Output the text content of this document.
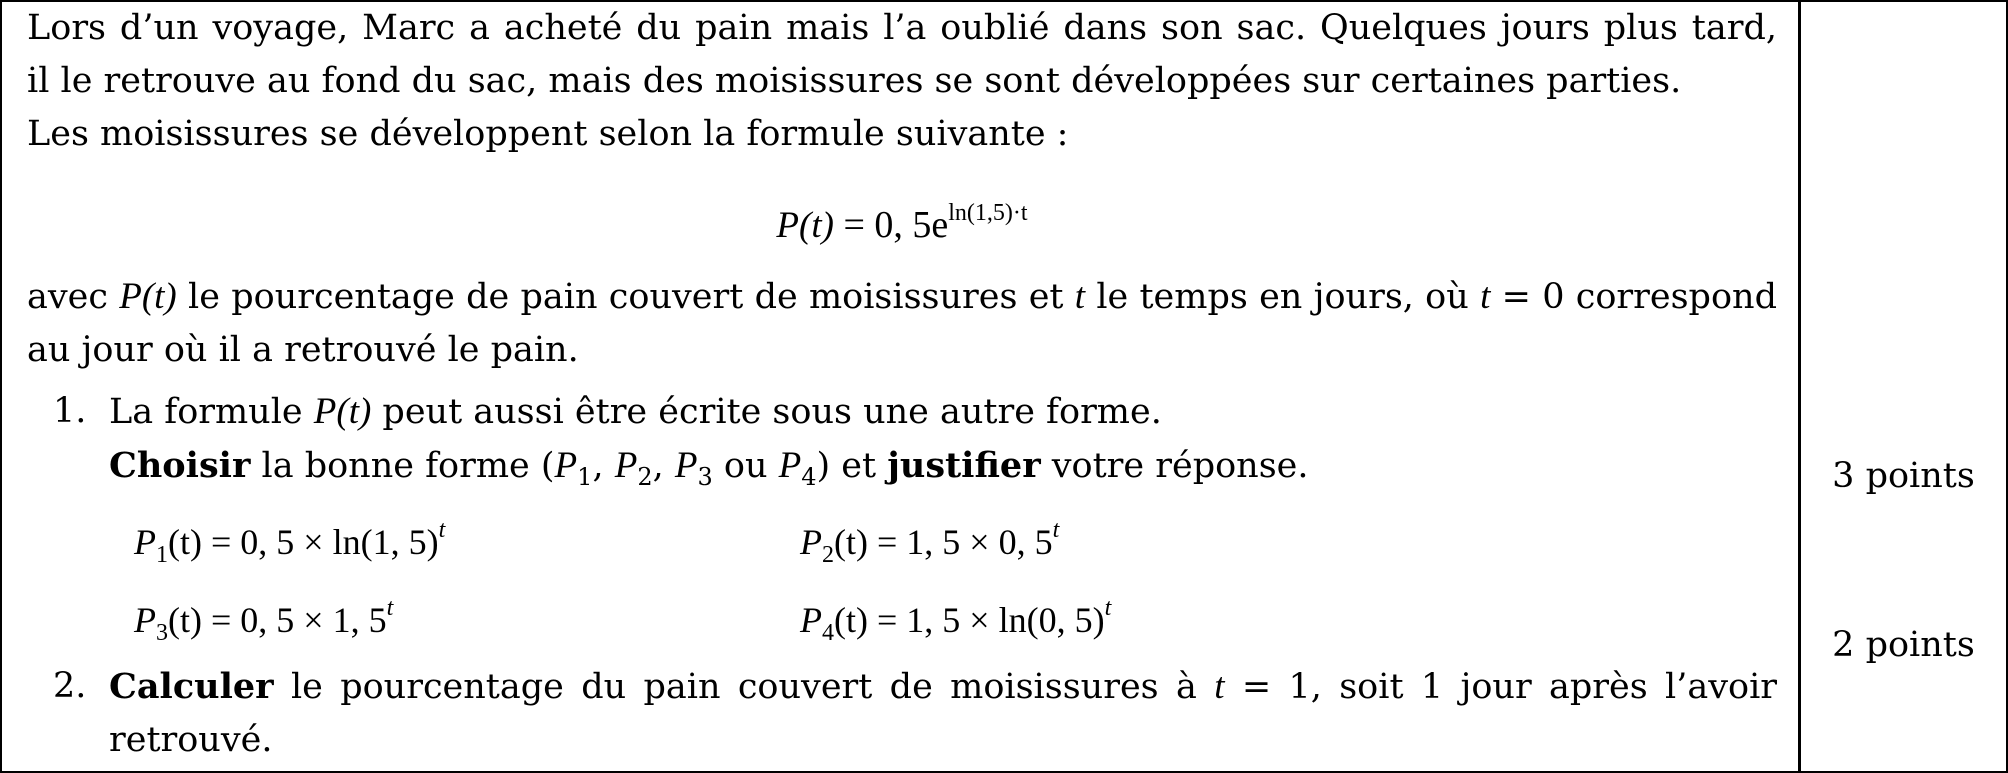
Lors d’un voyage, Marc a acheté du pain mais l’a oublié dans son sac. Quelques jours plus tard,
il le retrouve au fond du sac, mais des moisissures se sont développées sur certaines parties.
Les moisissures se développent selon la formule suivante :
P(t) = 0, $5e^{ln(1,5)\cdot t}$
avec P(t) le pourcentage de pain couvert de moisissures et t le temps en jours, où t = 0 correspond
au jour où il a retrouvé le pain.
1. La formule P(t) peut aussi être écrite sous une autre forme.
Choisir la bonne forme ($P_1$, $P_2$, $P_3$ ou $P_4$) et justifier votre réponse.
$P_1(t) = 0$, 5 × ln(1, 5)$^t$	$P_2(t) = 1$, 5 × 0, 5$^t$
$P_3(t) = 0$, 5 × 1, 5$^t$	$P_4(t) = 1$, 5 × ln(0, 5)$^t$
2. Calculer le pourcentage du pain couvert de moisissures à t = 1, soit 1 jour après l’avoir
retrouvé.
3 points
2 points
